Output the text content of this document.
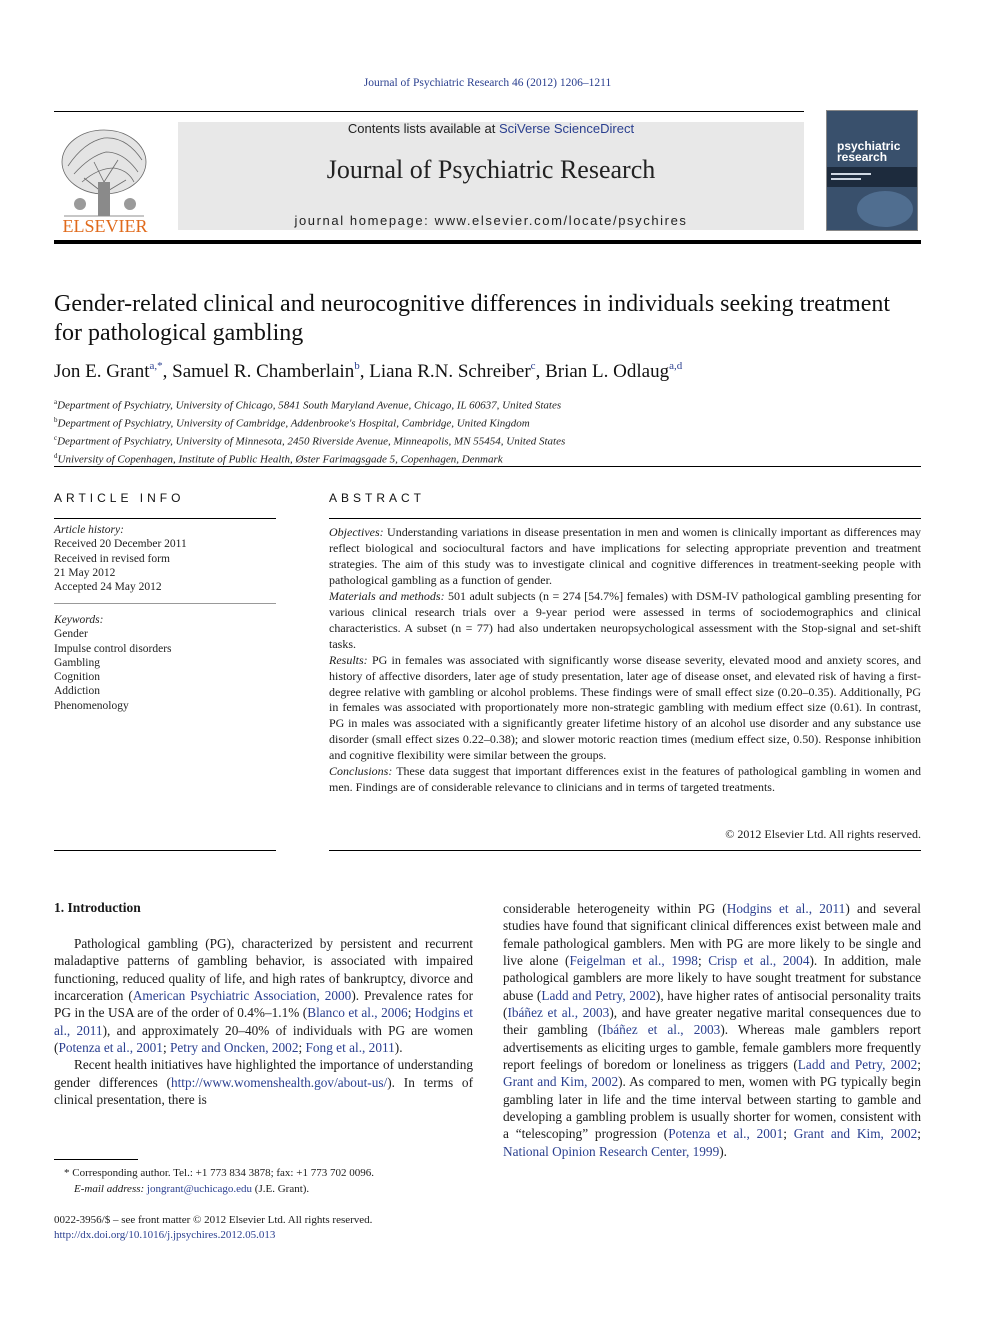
Journal of Psychiatric Research 46 (2012) 1206–1211
ELSEVIER
Contents lists available at SciVerse ScienceDirect
Journal of Psychiatric Research
journal homepage: www.elsevier.com/locate/psychires
psychiatric
research
Gender-related clinical and neurocognitive differences in individuals seeking treatment for pathological gambling
Jon E. Grant$^{a,*}$, Samuel R. Chamberlain$^b$, Liana R.N. Schreiber$^c$, Brian L. Odlaug$^{a,d}$
$^a$Department of Psychiatry, University of Chicago, 5841 South Maryland Avenue, Chicago, IL 60637, United States
$^b$Department of Psychiatry, University of Cambridge, Addenbrooke's Hospital, Cambridge, United Kingdom
$^c$Department of Psychiatry, University of Minnesota, 2450 Riverside Avenue, Minneapolis, MN 55454, United States
$^d$University of Copenhagen, Institute of Public Health, Øster Farimagsgade 5, Copenhagen, Denmark
ARTICLE INFO	ABSTRACT
Article history:
Received 20 December 2011
Received in revised form
21 May 2012
Accepted 24 May 2012
Keywords:
Gender
Impulse control disorders
Gambling
Cognition
Addiction
Phenomenology

Objectives: Understanding variations in disease presentation in men and women is clinically important as differences may reflect biological and sociocultural factors and have implications for selecting appropriate prevention and treatment strategies. The aim of this study was to investigate clinical and cognitive differences in treatment-seeking people with pathological gambling as a function of gender.

Materials and methods: 501 adult subjects (n = 274 [54.7%] females) with DSM-IV pathological gambling presenting for various clinical research trials over a 9-year period were assessed in terms of sociodemographics and clinical characteristics. A subset (n = 77) had also undertaken neuropsychological assessment with the Stop-signal and set-shift tasks.

Results: PG in females was associated with significantly worse disease severity, elevated mood and anxiety scores, and history of affective disorders, later age of study presentation, later age of disease onset, and elevated risk of having a first-degree relative with gambling or alcohol problems. These findings were of small effect size (0.20–0.35). Additionally, PG in females was associated with proportionately more non-strategic gambling with medium effect size (0.61). In contrast, PG in males was associated with a significantly greater lifetime history of an alcohol use disorder and any substance use disorder (small effect sizes 0.22–0.38); and slower motoric reaction times (medium effect size, 0.50). Response inhibition and cognitive flexibility were similar between the groups.

Conclusions: These data suggest that important differences exist in the features of pathological gambling in women and men. Findings are of considerable relevance to clinicians and in terms of targeted treatments.

© 2012 Elsevier Ltd. All rights reserved.
1. Introduction

Pathological gambling (PG), characterized by persistent and recurrent maladaptive patterns of gambling behavior, is associated with impaired functioning, reduced quality of life, and high rates of bankruptcy, divorce and incarceration (American Psychiatric Association, 2000). Prevalence rates for PG in the USA are of the order of 0.4%–1.1% (Blanco et al., 2006; Hodgins et al., 2011), and approximately 20–40% of individuals with PG are women (Potenza et al., 2001; Petry and Oncken, 2002; Fong et al., 2011).

Recent health initiatives have highlighted the importance of understanding gender differences (http://www.womenshealth.gov/about-us/). In terms of clinical presentation, there is

considerable heterogeneity within PG (Hodgins et al., 2011) and several studies have found that significant clinical differences exist between male and female pathological gamblers. Men with PG are more likely to be single and live alone (Feigelman et al., 1998; Crisp et al., 2004). In addition, male pathological gamblers are more likely to have sought treatment for substance abuse (Ladd and Petry, 2002), have higher rates of antisocial personality traits (Ibáñez et al., 2003), and have greater negative marital consequences due to their gambling (Ibáñez et al., 2003). Whereas male gamblers report advertisements as eliciting urges to gamble, female gamblers more frequently report feelings of boredom or loneliness as triggers (Ladd and Petry, 2002; Grant and Kim, 2002). As compared to men, women with PG typically begin gambling later in life and the time interval between starting to gamble and developing a gambling problem is usually shorter for women, consistent with a “telescoping” progression (Potenza et al., 2001; Grant and Kim, 2002; National Opinion Research Center, 1999).

* Corresponding author. Tel.: +1 773 834 3878; fax: +1 773 702 0096.
E-mail address: jongrant@uchicago.edu (J.E. Grant).
0022-3956/$ – see front matter © 2012 Elsevier Ltd. All rights reserved.
http://dx.doi.org/10.1016/j.jpsychires.2012.05.013
